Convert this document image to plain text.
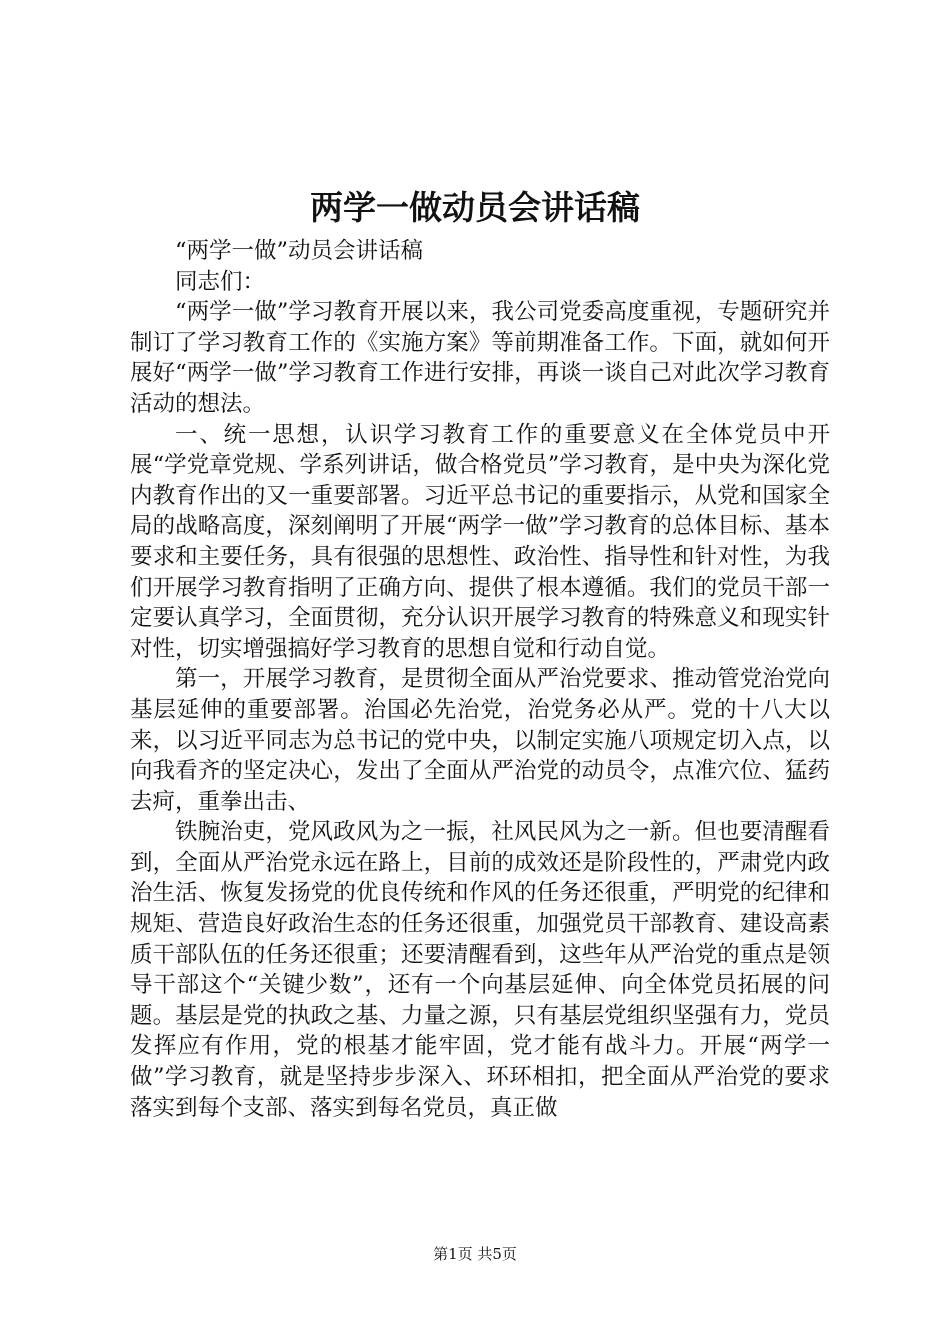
两学一做动员会讲话稿

“两学一做”动员会讲话稿

同志们：

“两学一做”学习教育开展以来，我公司党委高度重视，专题研究并制订了学习教育工作的《实施方案》等前期准备工作。下面，就如何开展好“两学一做”学习教育工作进行安排，再谈一谈自己对此次学习教育活动的想法。

一、统一思想，认识学习教育工作的重要意义在全体党员中开展“学党章党规、学系列讲话，做合格党员”学习教育，是中央为深化党内教育作出的又一重要部署。习近平总书记的重要指示，从党和国家全局的战略高度，深刻阐明了开展“两学一做”学习教育的总体目标、基本要求和主要任务，具有很强的思想性、政治性、指导性和针对性，为我们开展学习教育指明了正确方向、提供了根本遵循。我们的党员干部一定要认真学习，全面贯彻，充分认识开展学习教育的特殊意义和现实针对性，切实增强搞好学习教育的思想自觉和行动自觉。

第一，开展学习教育，是贯彻全面从严治党要求、推动管党治党向基层延伸的重要部署。治国必先治党，治党务必从严。党的十八大以来，以习近平同志为总书记的党中央，以制定实施八项规定切入点，以向我看齐的坚定决心，发出了全面从严治党的动员令，点准穴位、猛药去疴，重拳出击、

铁腕治吏，党风政风为之一振，社风民风为之一新。但也要清醒看到，全面从严治党永远在路上，目前的成效还是阶段性的，严肃党内政治生活、恢复发扬党的优良传统和作风的任务还很重，严明党的纪律和规矩、营造良好政治生态的任务还很重，加强党员干部教育、建设高素质干部队伍的任务还很重；还要清醒看到，这些年从严治党的重点是领导干部这个“关键少数”，还有一个向基层延伸、向全体党员拓展的问题。基层是党的执政之基、力量之源，只有基层党组织坚强有力，党员发挥应有作用，党的根基才能牢固，党才能有战斗力。开展“两学一做”学习教育，就是坚持步步深入、环环相扣，把全面从严治党的要求落实到每个支部、落实到每名党员，真正做

第1页 共5页
